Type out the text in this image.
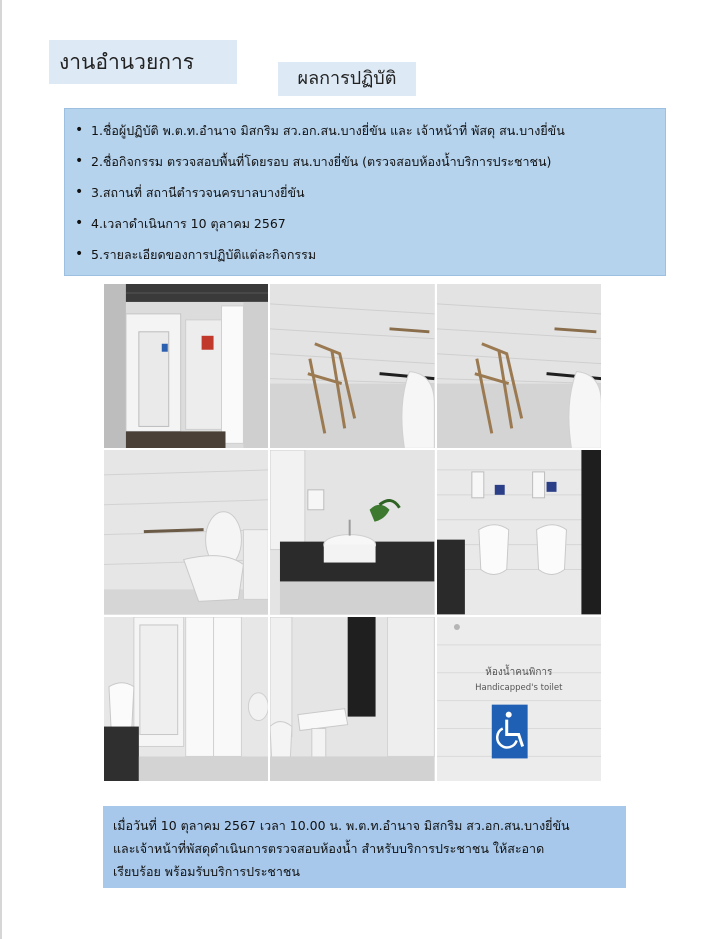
งานอำนวยการ
ผลการปฏิบัติ
• 1.ชื่อผู้ปฏิบัติ พ.ต.ท.อำนาจ มิสกริม สว.อก.สน.บางยี่ขัน และ เจ้าหน้าที่ พัสดุ สน.บางยี่ขัน
• 2.ชื่อกิจกรรม ตรวจสอบพื้นที่โดยรอบ สน.บางยี่ขัน (ตรวจสอบห้องน้ำบริการประชาชน)
• 3.สถานที่ สถานีตำรวจนครบาลบางยี่ขัน
• 4.เวลาดำเนินการ 10 ตุลาคม 2567
• 5.รายละเอียดของการปฏิบัติแต่ละกิจกรรม
ห้องน้ำคนพิการ
Handicapped's toilet
เมื่อวันที่ 10 ตุลาคม 2567 เวลา 10.00 น. พ.ต.ท.อำนาจ มิสกริม สว.อก.สน.บางยี่ขัน
และเจ้าหน้าที่พัสดุดำเนินการตรวจสอบห้องน้ำ สำหรับบริการประชาชน ให้สะอาด
เรียบร้อย พร้อมรับบริการประชาชน
